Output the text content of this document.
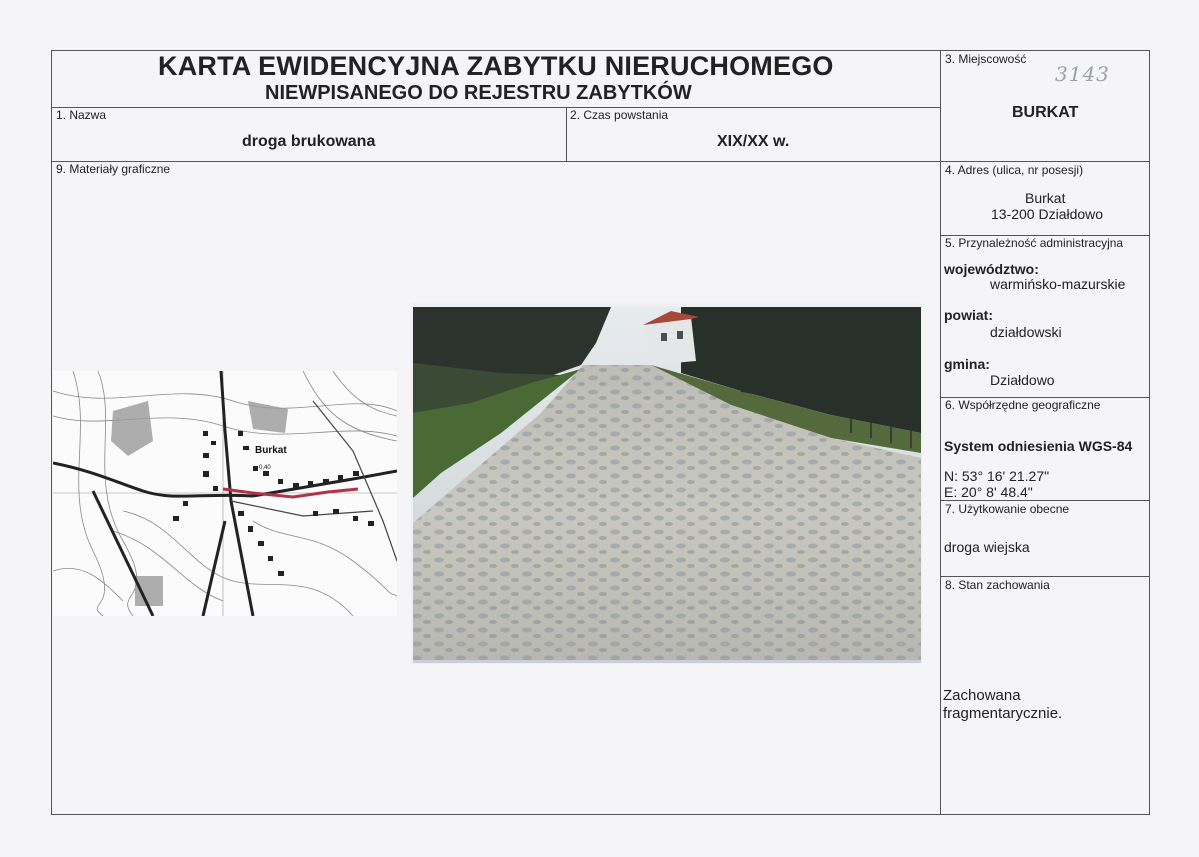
KARTA EWIDENCYJNA ZABYTKU NIERUCHOMEGO
NIEWPISANEGO DO REJESTRU ZABYTKÓW
1. Nazwa
droga brukowana
2. Czas powstania
XIX/XX w.
3. Miejscowość
3143
BURKAT
4. Adres (ulica, nr posesji)
Burkat
13-200 Działdowo
5. Przynależność administracyjna
województwo:
warmińsko-mazurskie
powiat:
działdowski
gmina:
Działdowo
6. Współrzędne geograficzne
System odniesienia WGS-84
N: 53° 16' 21.27"
E: 20° 8' 48.4"
7. Użytkowanie obecne
droga wiejska
8. Stan zachowania
Zachowana
fragmentarycznie.
9. Materiały graficzne
Burkat
0,40
